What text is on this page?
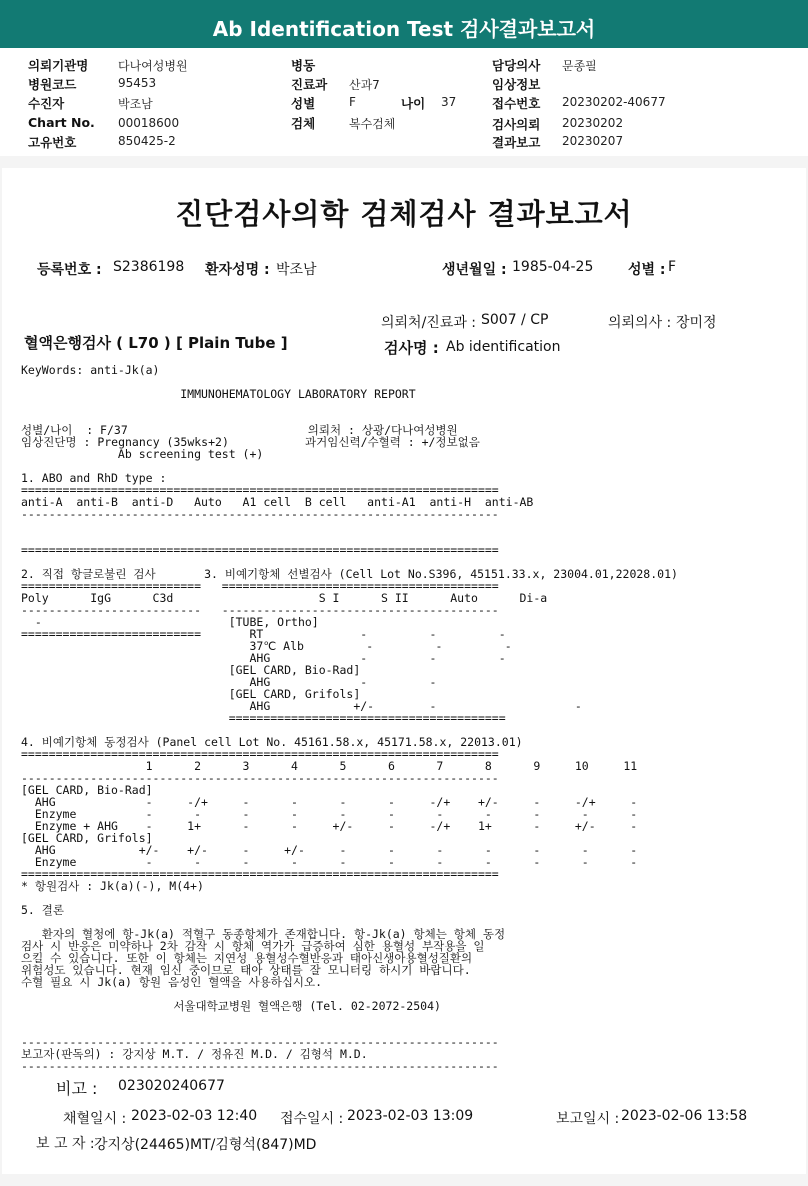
Ab Identification Test 검사결과보고서
의뢰기관명 다나여성병원
병원코드	95453
수진자	박조남
Chart No. 00018600
고유번호	850425-2
병동
진료과 산과7
성별	F	나이 37
검체	복수검체
담당의사 문종필
임상정보
접수번호 20230202-40677
검사의뢰 20230202
결과보고 20230207
진단검사의학 검체검사 결과보고서
등록번호 : S2386198 환자성명 : 박조남	생년월일 : 1985-04-25 성별 : F
의뢰처/진료과 : S007 / CP	의뢰의사 : 장미정
혈액은행검사 ( L70 ) [ Plain Tube ]	검사명 : Ab identification
KeyWords: anti-Jk(a)

IMMUNOHEMATOLOGY LABORATORY REPORT

성별/나이  : F/37                          의뢰처 : 상광/다나여성병원
임상진단명 : Pregnancy (35wks+2)           과거임신력/수혈력 : +/정보없음
Ab screening test (+)

1. ABO and RhD type :
=====================================================================
anti-A  anti-B  anti-D   Auto   A1 cell  B cell   anti-A1  anti-H  anti-AB
---------------------------------------------------------------------

=====================================================================

2. 직접 항글로불린 검사       3. 비예기항체 선별검사 (Cell Lot No.S396, 45151.33.x, 23004.01,22028.01)
==========================   ========================================
Poly      IgG      C3d                     S I      S II      Auto      Di-a
--------------------------   ----------------------------------------
-                           [TUBE, Ortho]
==========================       RT              -         -         -
37℃ Alb         -         -         -
AHG             -         -         -
[GEL CARD, Bio-Rad]
AHG             -         -
[GEL CARD, Grifols]
AHG            +/-        -                    -
========================================

4. 비예기항체 동정검사 (Panel cell Lot No. 45161.58.x, 45171.58.x, 22013.01)
=====================================================================
1      2      3      4      5      6      7      8      9     10     11
---------------------------------------------------------------------
[GEL CARD, Bio-Rad]
AHG             -     -/+     -      -      -      -     -/+    +/-     -     -/+     -
Enzyme          -      -      -      -      -      -      -      -      -      -      -
Enzyme + AHG    -     1+      -      -     +/-     -     -/+    1+      -     +/-     -
[GEL CARD, Grifols]
AHG            +/-    +/-     -     +/-     -      -      -      -      -      -      -
Enzyme          -      -      -      -      -      -      -      -      -      -      -
=====================================================================
* 항원검사 : Jk(a)(-), M(4+)

5. 결론

환자의 혈청에 항-Jk(a) 적혈구 동종항체가 존재합니다. 항-Jk(a) 항체는 항체 동정
검사 시 반응은 미약하나 2차 감작 시 항체 역가가 급증하여 심한 용혈성 부작용을 일
으킬 수 있습니다. 또한 이 항체는 지연성 용혈성수혈반응과 태아신생아용혈성질환의
위험성도 있습니다. 현재 임신 중이므로 태아 상태를 잘 모니터링 하시기 바랍니다.
수혈 필요 시 Jk(a) 항원 음성인 혈액을 사용하십시오.

서울대학교병원 혈액은행 (Tel. 02-2072-2504)

---------------------------------------------------------------------
보고자(판독의) : 강지상 M.T. / 정유진 M.D. / 김형석 M.D.
---------------------------------------------------------------------
비고 : 023020240677
채혈일시 : 2023-02-03 12:40 접수일시 : 2023-02-03 13:09	보고일시 : 2023-02-06 13:58
보 고 자 : 강지상(24465)MT/김형석(847)MD
